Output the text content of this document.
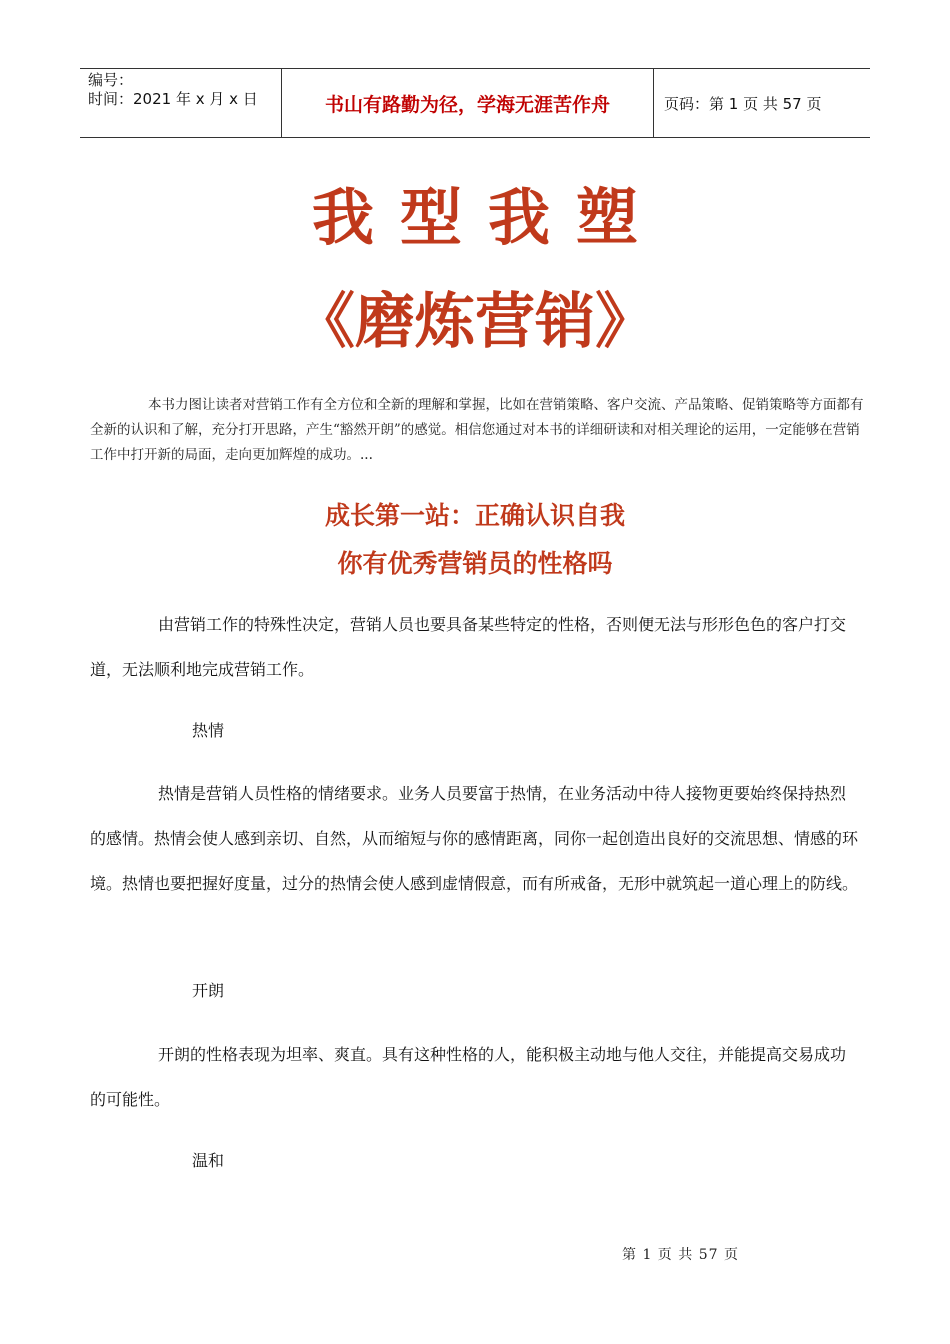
编号：
时间：2021 年 x 月 x 日	书山有路勤为径，学海无涯苦作舟	页码：第 1 页 共 57 页
我型我塑
《磨炼营销》
本书力图让读者对营销工作有全方位和全新的理解和掌握，比如在营销策略、客户交流、产品策略、促销策略等方面都有全新的认识和了解，充分打开思路，产生“豁然开朗”的感觉。相信您通过对本书的详细研读和对相关理论的运用，一定能够在营销工作中打开新的局面，走向更加辉煌的成功。...
成长第一站：正确认识自我
你有优秀营销员的性格吗
由营销工作的特殊性决定，营销人员也要具备某些特定的性格，否则便无法与形形色色的客户打交道，无法顺利地完成营销工作。
热情
热情是营销人员性格的情绪要求。业务人员要富于热情，在业务活动中待人接物更要始终保持热烈的感情。热情会使人感到亲切、自然，从而缩短与你的感情距离，同你一起创造出良好的交流思想、情感的环境。热情也要把握好度量，过分的热情会使人感到虚情假意，而有所戒备，无形中就筑起一道心理上的防线。
开朗
开朗的性格表现为坦率、爽直。具有这种性格的人，能积极主动地与他人交往，并能提高交易成功的可能性。
温和
第 1 页 共 57 页
